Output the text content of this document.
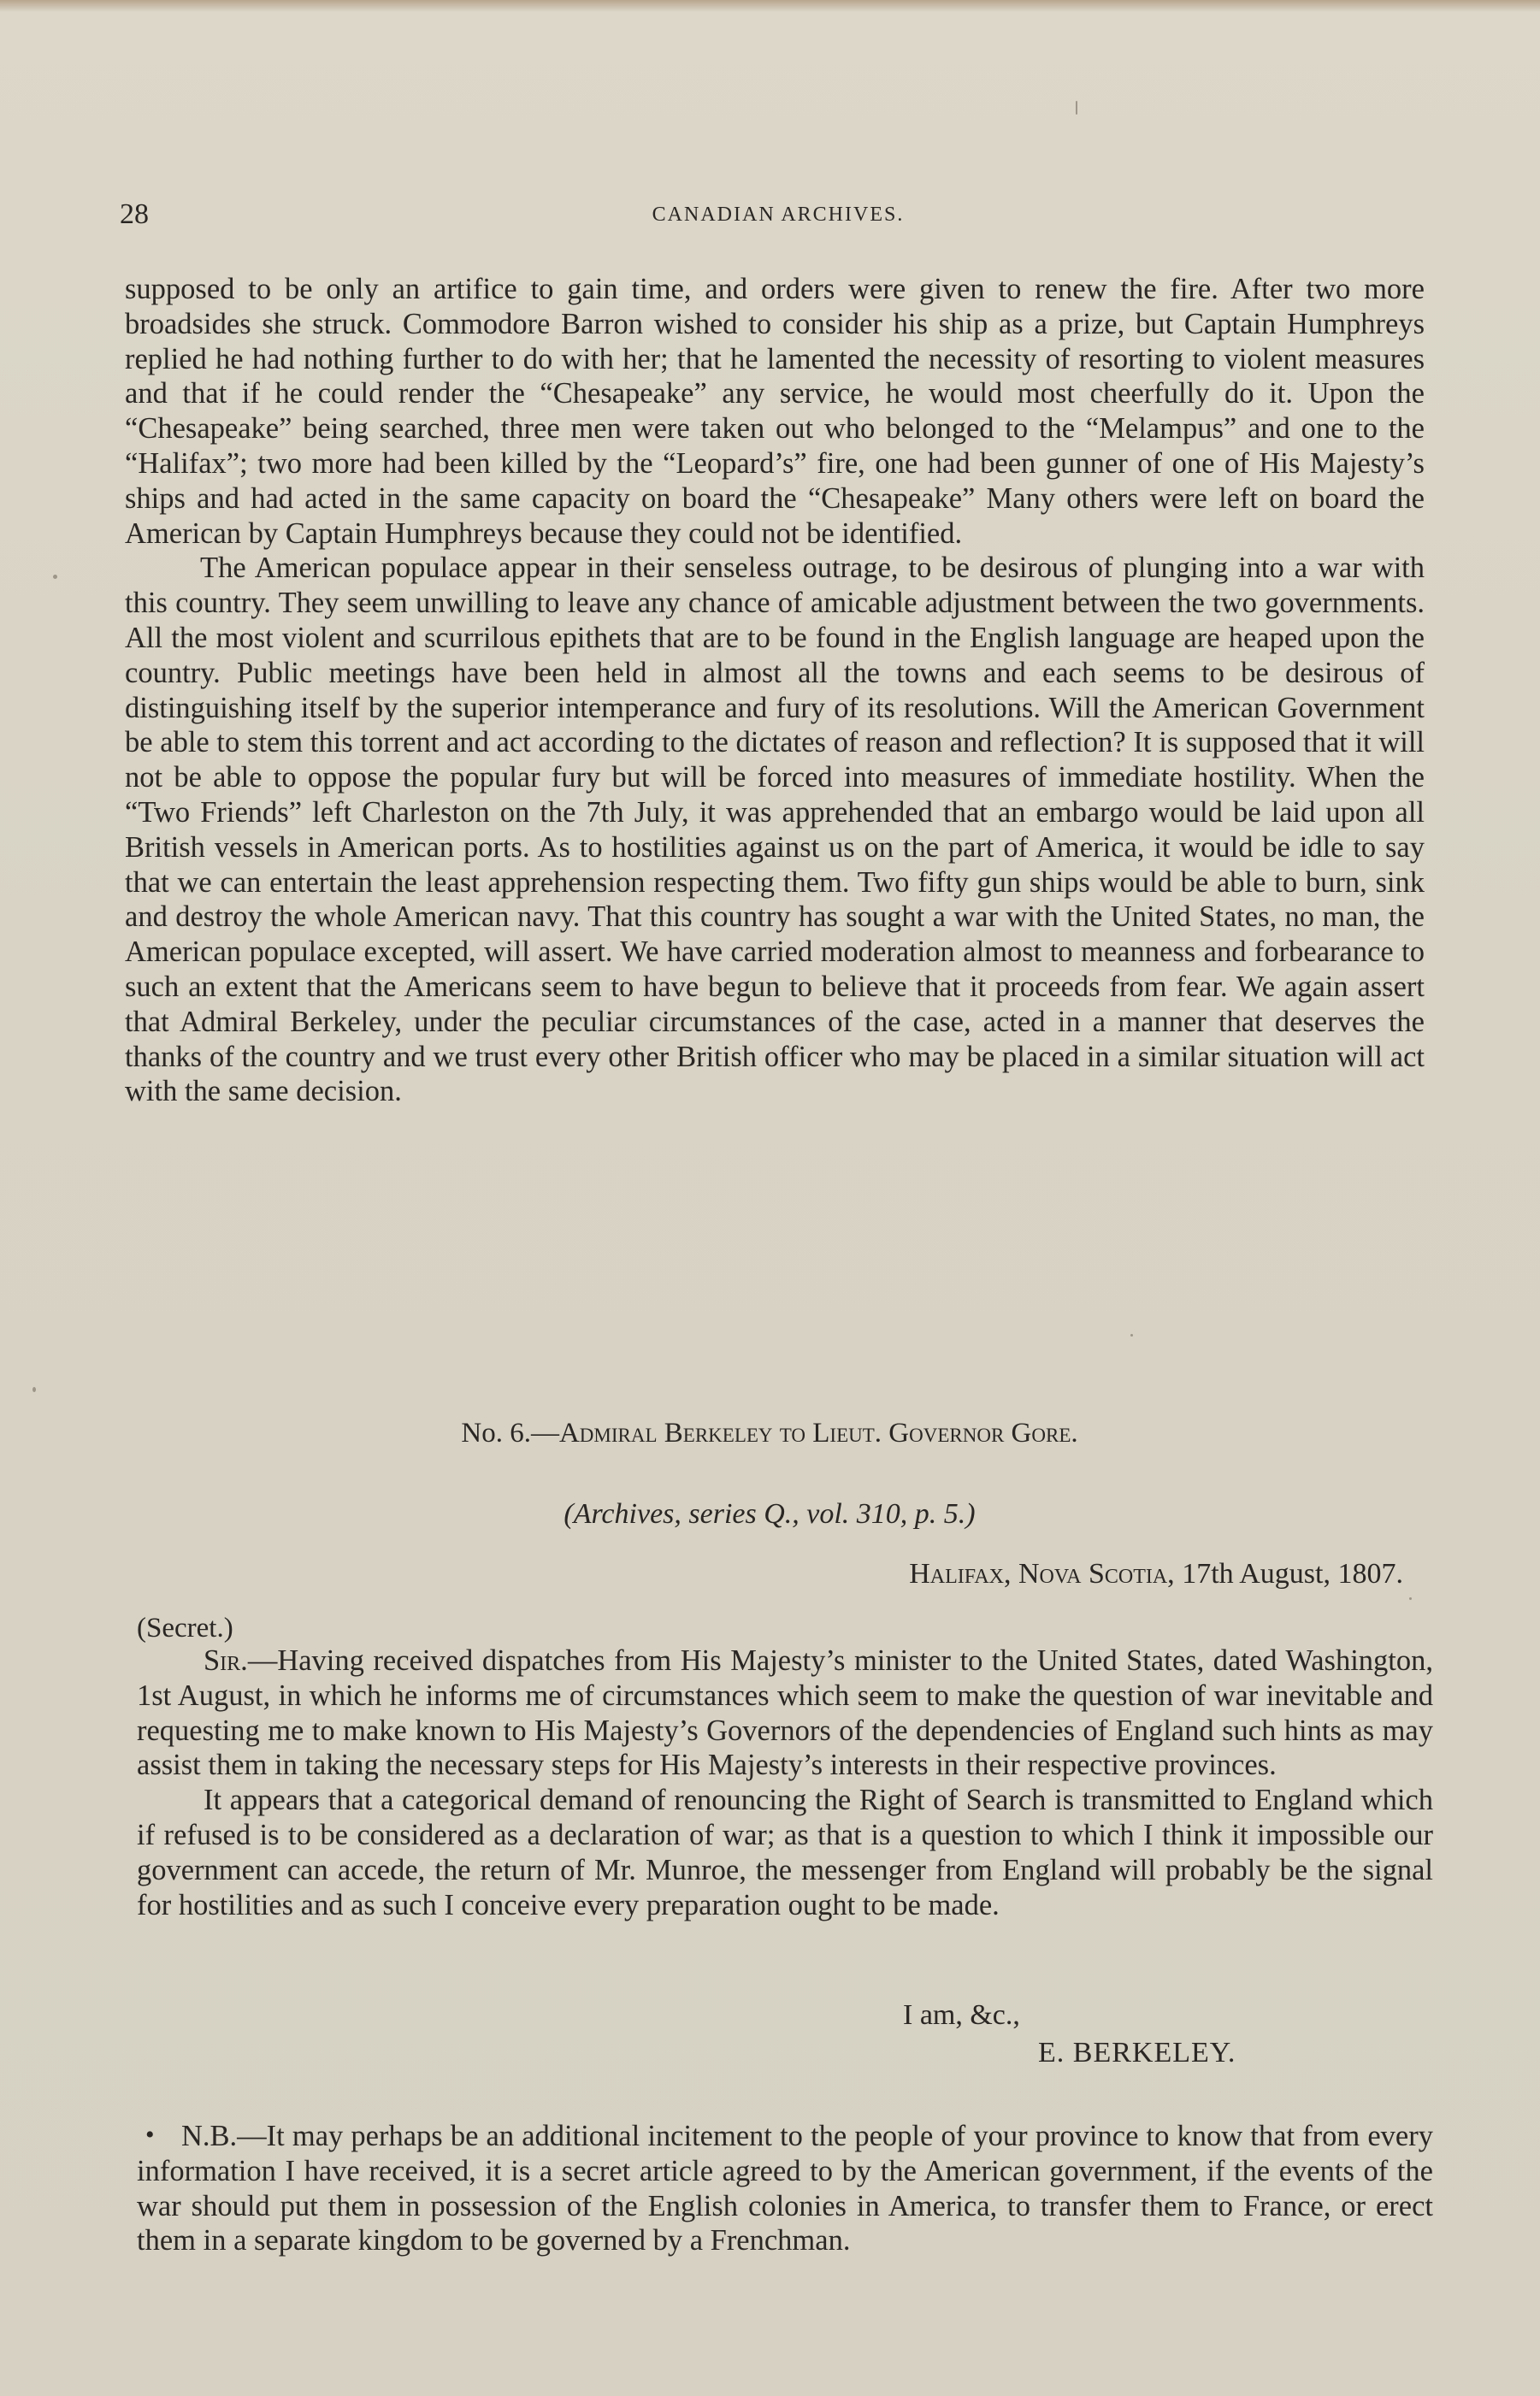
28	CANADIAN ARCHIVES.

supposed to be only an artifice to gain time, and orders were given to renew the fire. After two more broadsides she struck. Commodore Barron wished to consider his ship as a prize, but Captain Humphreys replied he had nothing further to do with her; that he lamented the necessity of resorting to violent measures and that if he could render the “Chesapeake” any service, he would most cheerfully do it. Upon the “Chesapeake” being searched, three men were taken out who belonged to the “Melampus” and one to the “Halifax”; two more had been killed by the “Leopard’s” fire, one had been gunner of one of His Majesty’s ships and had acted in the same capacity on board the “Chesapeake” Many others were left on board the American by Captain Humphreys because they could not be identified.

The American populace appear in their senseless outrage, to be desirous of plunging into a war with this country. They seem unwilling to leave any chance of amicable adjustment between the two governments. All the most violent and scurrilous epithets that are to be found in the English language are heaped upon the country. Public meetings have been held in almost all the towns and each seems to be desirous of distinguishing itself by the superior intemperance and fury of its resolutions. Will the American Government be able to stem this torrent and act according to the dictates of reason and reflection? It is supposed that it will not be able to oppose the popular fury but will be forced into measures of immediate hostility. When the “Two Friends” left Charleston on the 7th July, it was apprehended that an embargo would be laid upon all British vessels in American ports. As to hostilities against us on the part of America, it would be idle to say that we can entertain the least apprehension respecting them. Two fifty gun ships would be able to burn, sink and destroy the whole American navy. That this country has sought a war with the United States, no man, the American populace excepted, will assert. We have carried moderation almost to meanness and forbearance to such an extent that the Americans seem to have begun to believe that it proceeds from fear. We again assert that Admiral Berkeley, under the peculiar circumstances of the case, acted in a manner that deserves the thanks of the country and we trust every other British officer who may be placed in a similar situation will act with the same decision.

No. 6.—Admiral Berkeley to Lieut. Governor Gore.
(Archives, series Q., vol. 310, p. 5.)
Halifax, Nova Scotia, 17th August, 1807.
(Secret.)

Sir.—Having received dispatches from His Majesty’s minister to the United States, dated Washington, 1st August, in which he informs me of circumstances which seem to make the question of war inevitable and requesting me to make known to His Majesty’s Governors of the dependencies of England such hints as may assist them in taking the necessary steps for His Majesty’s interests in their respective provinces.

It appears that a categorical demand of renouncing the Right of Search is transmitted to England which if refused is to be considered as a declaration of war; as that is a question to which I think it impossible our government can accede, the return of Mr. Munroe, the messenger from England will probably be the signal for hostilities and as such I conceive every preparation ought to be made.

I am, &c.,
E. BERKELEY.
• N.B.—It may perhaps be an additional incitement to the people of your province to know that from every information I have received, it is a secret article agreed to by the American government, if the events of the war should put them in possession of the English colonies in America, to transfer them to France, or erect them in a separate kingdom to be governed by a Frenchman.
